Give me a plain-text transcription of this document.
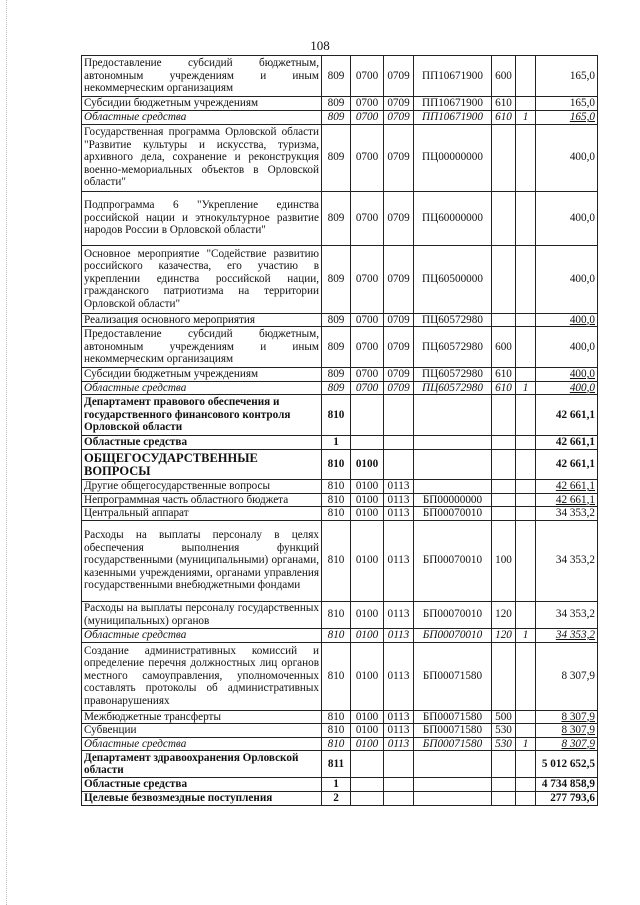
108
Предоставление субсидий бюджетным, автономным учреждениям и иным некоммерческим организациям	809	0700	0709	ПП10671900	600		165,0
Субсидии бюджетным учреждениям	809	0700	0709	ПП10671900	610		165,0
Областные средства	809	0700	0709	ПП10671900	610	1	165,0
Государственная программа Орловской области "Развитие культуры и искусства, туризма, архивного дела, сохранение и реконструкция военно-мемориальных объектов в Орловской области"	809	0700	0709	ПЦ00000000			400,0
Подпрограмма 6 "Укрепление единства российской нации и этнокультурное развитие народов России в Орловской области"	809	0700	0709	ПЦ60000000			400,0
Основное мероприятие "Содействие развитию российского казачества, его участию в укреплении единства российской нации, гражданского патриотизма на территории Орловской области"	809	0700	0709	ПЦ60500000			400,0
Реализация основного мероприятия	809	0700	0709	ПЦ60572980			400,0
Предоставление субсидий бюджетным, автономным учреждениям и иным некоммерческим организациям	809	0700	0709	ПЦ60572980	600		400,0
Субсидии бюджетным учреждениям	809	0700	0709	ПЦ60572980	610		400,0
Областные средства	809	0700	0709	ПЦ60572980	610	1	400,0
Департамент правового обеспечения и государственного финансового контроля Орловской области	810						42 661,1
Областные средства	1						42 661,1
ОБЩЕГОСУДАРСТВЕННЫЕ ВОПРОСЫ	810	0100					42 661,1
Другие общегосударственные вопросы	810	0100	0113				42 661,1
Непрограммная часть областного бюджета	810	0100	0113	БП00000000			42 661,1
Центральный аппарат	810	0100	0113	БП00070010			34 353,2
Расходы на выплаты персоналу в целях обеспечения выполнения функций государственными (муниципальными) органами, казенными учреждениями, органами управления государственными внебюджетными фондами	810	0100	0113	БП00070010	100		34 353,2
Расходы на выплаты персоналу государственных (муниципальных) органов	810	0100	0113	БП00070010	120		34 353,2
Областные средства	810	0100	0113	БП00070010	120	1	34 353,2
Создание административных комиссий и определение перечня должностных лиц органов местного самоуправления, уполномоченных составлять протоколы об административных правонарушениях	810	0100	0113	БП00071580			8 307,9
Межбюджетные трансферты	810	0100	0113	БП00071580	500		8 307,9
Субвенции	810	0100	0113	БП00071580	530		8 307,9
Областные средства	810	0100	0113	БП00071580	530	1	8 307,9
Департамент здравоохранения Орловской области	811						5 012 652,5
Областные средства	1						4 734 858,9
Целевые безвозмездные поступления	2						277 793,6
